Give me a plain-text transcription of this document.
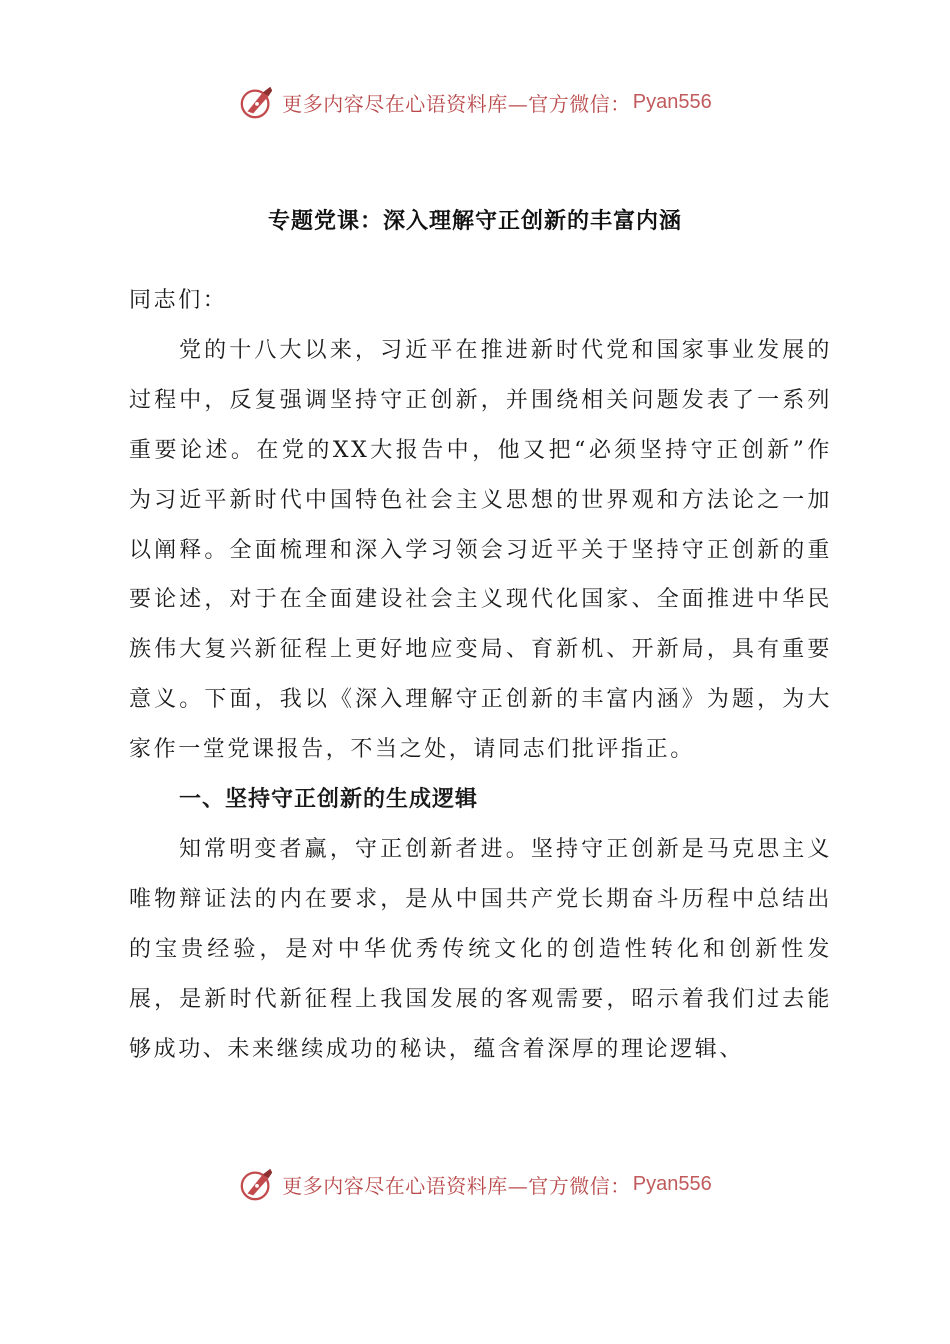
更多内容尽在心语资料库—官方微信： Pyan556
专题党课：深入理解守正创新的丰富内涵

同志们：

党的十八大以来，习近平在推进新时代党和国家事业发展的过程中，反复强调坚持守正创新，并围绕相关问题发表了一系列重要论述。在党的XX大报告中，他又把“必须坚持守正创新”作为习近平新时代中国特色社会主义思想的世界观和方法论之一加以阐释。全面梳理和深入学习领会习近平关于坚持守正创新的重要论述，对于在全面建设社会主义现代化国家、全面推进中华民族伟大复兴新征程上更好地应变局、育新机、开新局，具有重要意义。下面，我以《深入理解守正创新的丰富内涵》为题，为大家作一堂党课报告，不当之处，请同志们批评指正。

一、坚持守正创新的生成逻辑

知常明变者赢，守正创新者进。坚持守正创新是马克思主义唯物辩证法的内在要求，是从中国共产党长期奋斗历程中总结出的宝贵经验，是对中华优秀传统文化的创造性转化和创新性发展，是新时代新征程上我国发展的客观需要，昭示着我们过去能够成功、未来继续成功的秘诀，蕴含着深厚的理论逻辑、

更多内容尽在心语资料库—官方微信： Pyan556
